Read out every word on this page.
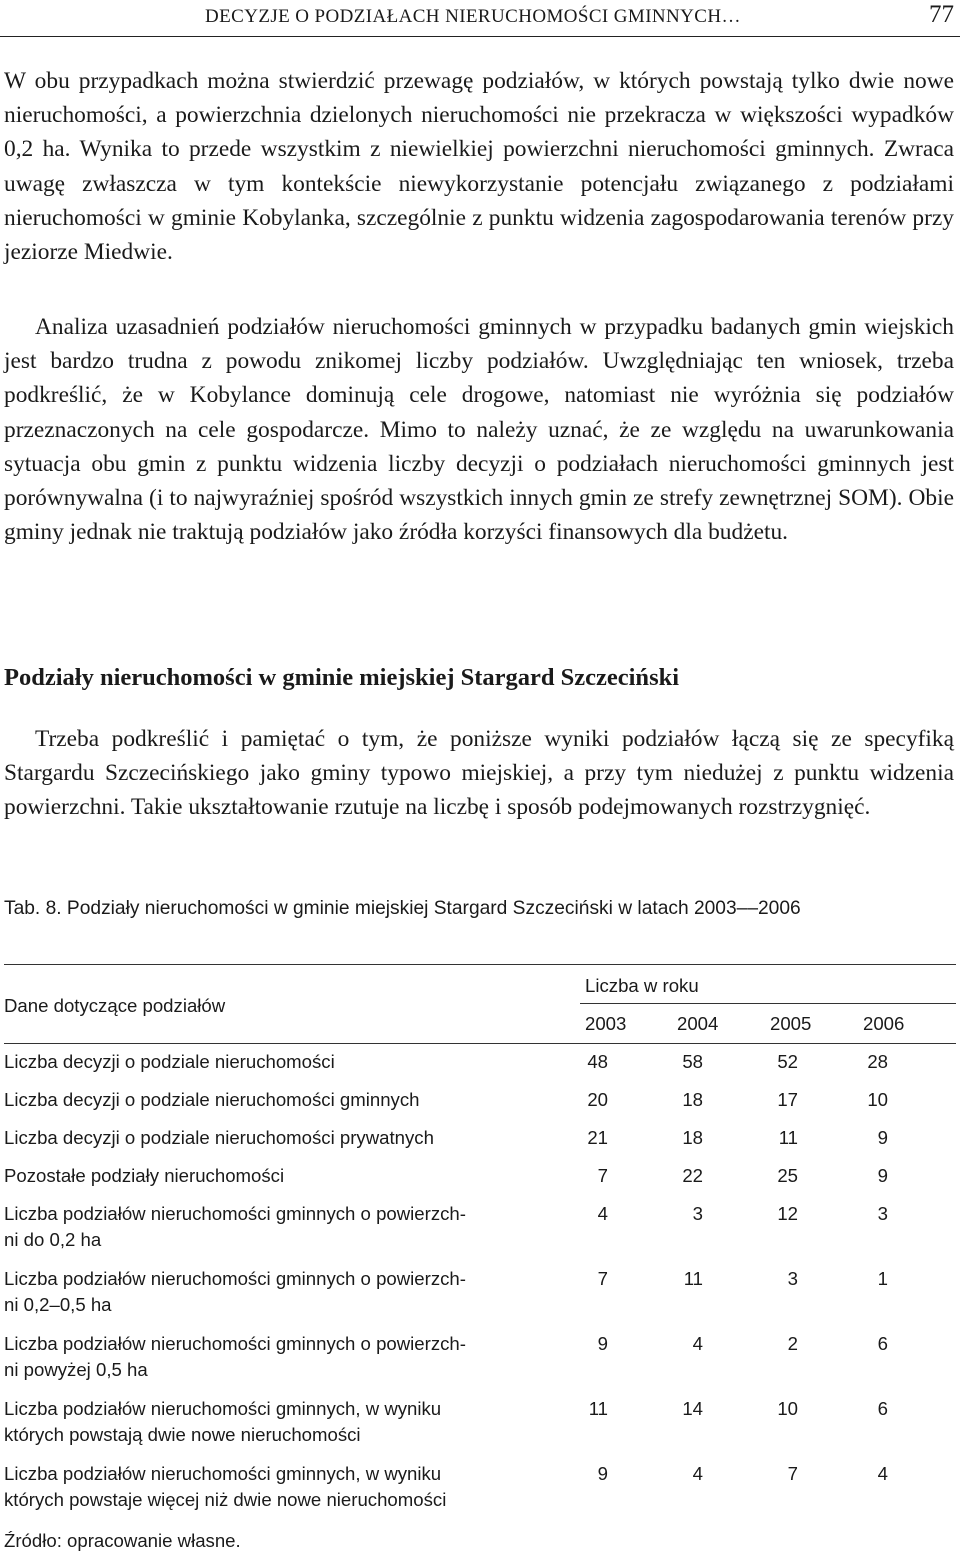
DECYZJE O PODZIAŁACH NIERUCHOMOŚCI GMINNYCH…	77

W obu przypadkach można stwierdzić przewagę podziałów, w których powstają tylko dwie nowe nieruchomości, a powierzchnia dzielonych nieruchomości nie przekracza w większości wypadków 0,2 ha. Wynika to przede wszystkim z niewielkiej powierzchni nieruchomości gminnych. Zwraca uwagę zwłaszcza w tym kontekście niewykorzystanie potencjału związanego z podziałami nieruchomości w gminie Kobylanka, szczególnie z punktu widzenia zagospodarowania terenów przy jeziorze Miedwie.

Analiza uzasadnień podziałów nieruchomości gminnych w przypadku badanych gmin wiejskich jest bardzo trudna z powodu znikomej liczby podziałów. Uwzględniając ten wniosek, trzeba podkreślić, że w Kobylance dominują cele drogowe, natomiast nie wyróżnia się podziałów przeznaczonych na cele gospodarcze. Mimo to należy uznać, że ze względu na uwarunkowania sytuacja obu gmin z punktu widzenia liczby decyzji o podziałach nieruchomości gminnych jest porównywalna (i to najwyraźniej spośród wszystkich innych gmin ze strefy zewnętrznej SOM). Obie gminy jednak nie traktują podziałów jako źródła korzyści finansowych dla budżetu.

Podziały nieruchomości w gminie miejskiej Stargard Szczeciński

Trzeba podkreślić i pamiętać o tym, że poniższe wyniki podziałów łączą się ze specyfiką Stargardu Szczecińskiego jako gminy typowo miejskiej, a przy tym niedużej z punktu widzenia powierzchni. Takie ukształtowanie rzutuje na liczbę i sposób podejmowanych rozstrzygnięć.

Tab. 8. Podziały nieruchomości w gminie miejskiej Stargard Szczeciński w latach 2003–​–2006

Dane dotyczące podziałów
Liczba w roku
2003	2004	2005	2006
Liczba decyzji o podziale nieruchomości	48	58	52	28
Liczba decyzji o podziale nieruchomości gminnych	20	18	17	10
Liczba decyzji o podziale nieruchomości prywatnych	21	18	11	9
Pozostałe podziały nieruchomości	7	22	25	9
Liczba podziałów nieruchomości gminnych o powierzch-
ni do 0,2 ha
4	3	12	3
Liczba podziałów nieruchomości gminnych o powierzch-
ni 0,2–0,5 ha
7	11	3	1
Liczba podziałów nieruchomości gminnych o powierzch-
ni powyżej 0,5 ha
9	4	2	6
Liczba podziałów nieruchomości gminnych, w wyniku
których powstają dwie nowe nieruchomości
11	14	10	6
Liczba podziałów nieruchomości gminnych, w wyniku
których powstaje więcej niż dwie nowe nieruchomości
9	4	7	4

Źródło: opracowanie własne.
